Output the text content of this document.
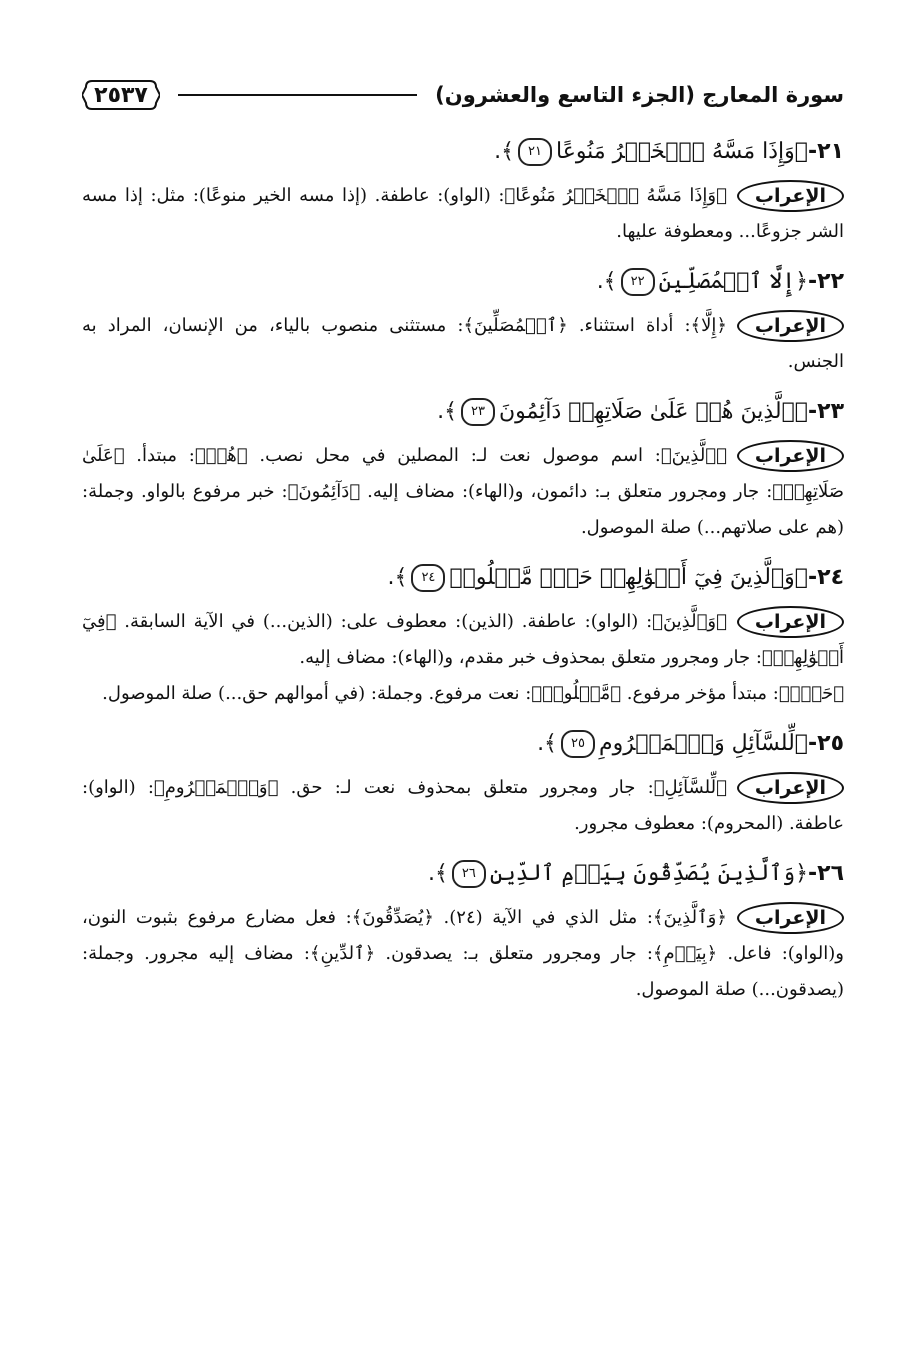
سورة المعارج (الجزء التاسع والعشرون)
٢٥٣٧
٢١-﴿وَإِذَا مَسَّهُ ٱلۡخَيۡرُ مَنُوعًا٢١﴾.

الإعراب﴿وَإِذَا مَسَّهُ ٱلۡخَيۡرُ مَنُوعًا﴾: (الواو): عاطفة. (إذا مسه الخير منوعًا): مثل: إذا مسه الشر جزوعًا... ومعطوفة عليها.

٢٢-﴿إِلَّا ٱلۡمُصَلِّينَ٢٢﴾.

الإعراب﴿إِلَّا﴾: أداة استثناء. ﴿ٱلۡمُصَلِّينَ﴾: مستثنى منصوب بالياء، من الإنسان، المراد به الجنس.

٢٣-﴿ٱلَّذِينَ هُمۡ عَلَىٰ صَلَاتِهِمۡ دَآئِمُونَ٢٣﴾.

الإعراب﴿ٱلَّذِينَ﴾: اسم موصول نعت لـ: المصلين في محل نصب. ﴿هُمۡ﴾: مبتدأ. ﴿عَلَىٰ صَلَاتِهِمۡ﴾: جار ومجرور متعلق بـ: دائمون، و(الهاء): مضاف إليه. ﴿دَآئِمُونَ﴾: خبر مرفوع بالواو. وجملة: (هم على صلاتهم...) صلة الموصول.

٢٤-﴿وَٱلَّذِينَ فِيٓ أَمۡوَٰلِهِمۡ حَقّٞ مَّعۡلُومٞ٢٤﴾.

الإعراب﴿وَٱلَّذِينَ﴾: (الواو): عاطفة. (الذين): معطوف على: (الذين...) في الآية السابقة. ﴿فِيٓ أَمۡوَٰلِهِمۡ﴾: جار ومجرور متعلق بمحذوف خبر مقدم، و(الهاء): مضاف إليه.

﴿حَقّٞ﴾: مبتدأ مؤخر مرفوع. ﴿مَّعۡلُومٞ﴾: نعت مرفوع. وجملة: (في أموالهم حق...) صلة الموصول.

٢٥-﴿لِّلسَّآئِلِ وَٱلۡمَحۡرُومِ٢٥﴾.

الإعراب﴿لِّلسَّآئِلِ﴾: جار ومجرور متعلق بمحذوف نعت لـ: حق. ﴿وَٱلۡمَحۡرُومِ﴾: (الواو): عاطفة. (المحروم): معطوف مجرور.

٢٦-﴿وَٱلَّذِينَ يُصَدِّقُونَ بِيَوۡمِ ٱلدِّينِ٢٦﴾.

الإعراب﴿وَٱلَّذِينَ﴾: مثل الذي في الآية (٢٤). ﴿يُصَدِّقُونَ﴾: فعل مضارع مرفوع بثبوت النون، و(الواو): فاعل. ﴿بِيَوۡمِ﴾: جار ومجرور متعلق بـ: يصدقون. ﴿ٱلدِّينِ﴾: مضاف إليه مجرور. وجملة: (يصدقون...) صلة الموصول.
